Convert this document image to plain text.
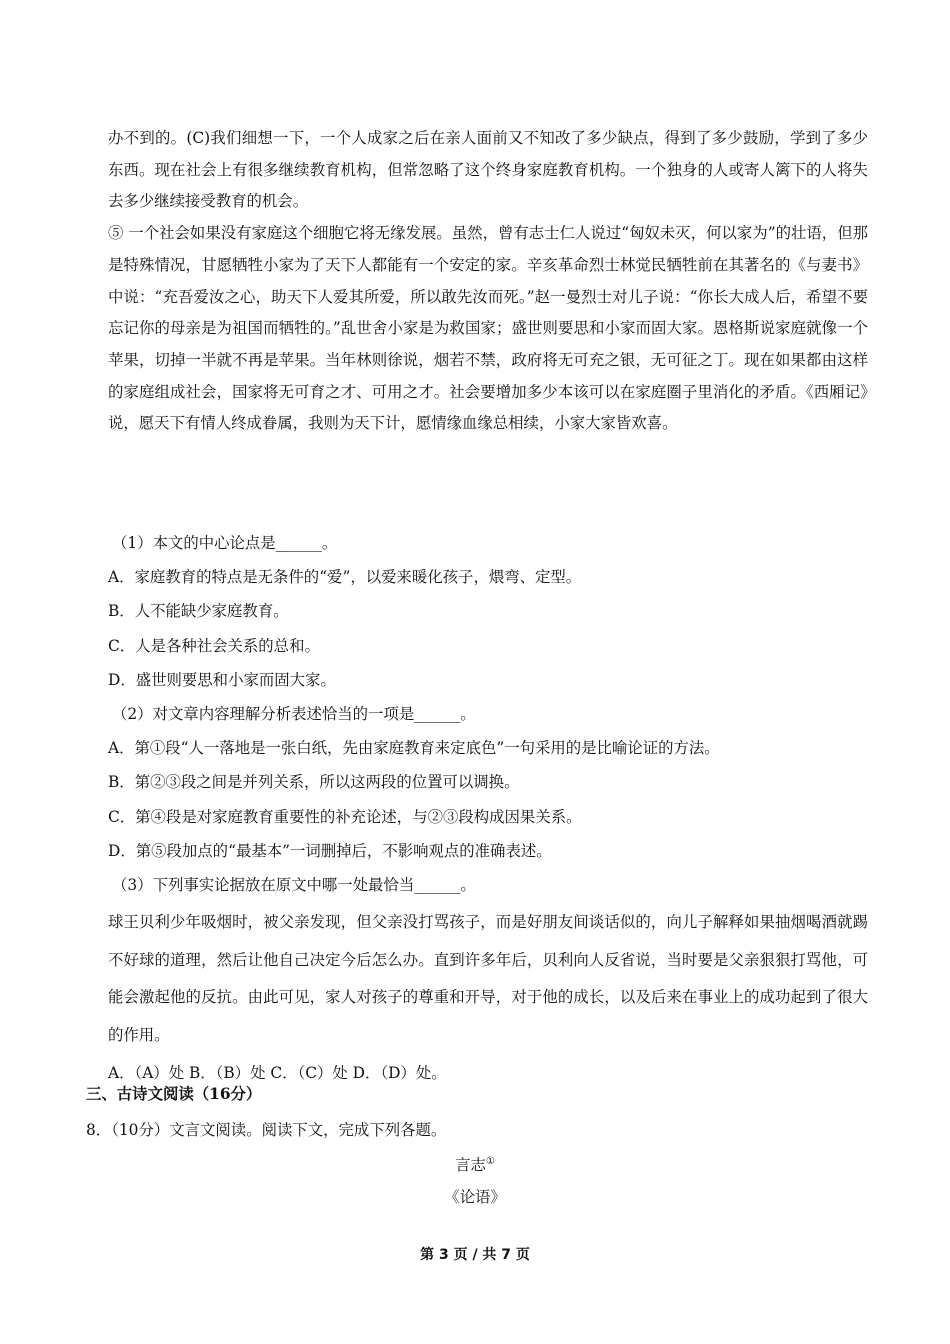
办不到的。(C)我们细想一下，一个人成家之后在亲人面前又不知改了多少缺点，得到了多少鼓励，学到了多少东西。现在社会上有很多继续教育机构，但常忽略了这个终身家庭教育机构。一个独身的人或寄人篱下的人将失去多少继续接受教育的机会。

⑤ 一个社会如果没有家庭这个细胞它将无缘发展。虽然，曾有志士仁人说过“匈奴未灭，何以家为”的壮语，但那是特殊情况，甘愿牺牲小家为了天下人都能有一个安定的家。辛亥革命烈士林觉民牺牲前在其著名的《与妻书》中说：“充吾爱汝之心，助天下人爱其所爱，所以敢先汝而死。”赵一曼烈士对儿子说：“你长大成人后，希望不要忘记你的母亲是为祖国而牺牲的。”乱世舍小家是为救国家；盛世则要思和小家而固大家。恩格斯说家庭就像一个苹果，切掉一半就不再是苹果。当年林则徐说，烟若不禁，政府将无可充之银，无可征之丁。现在如果都由这样的家庭组成社会，国家将无可育之才、可用之才。社会要增加多少本该可以在家庭圈子里消化的矛盾。《西厢记》说，愿天下有情人终成眷属，我则为天下计，愿情缘血缘总相续，小家大家皆欢喜。

（1）本文的中心论点是______。
A．家庭教育的特点是无条件的“爱”，以爱来暖化孩子，煨弯、定型。
B．人不能缺少家庭教育。
C．人是各种社会关系的总和。
D．盛世则要思和小家而固大家。
（2）对文章内容理解分析表述恰当的一项是______。
A．第①段“人一落地是一张白纸，先由家庭教育来定底色”一句采用的是比喻论证的方法。
B．第②③段之间是并列关系，所以这两段的位置可以调换。
C．第④段是对家庭教育重要性的补充论述，与②③段构成因果关系。
D．第⑤段加点的“最基本”一词删掉后，不影响观点的准确表述。
（3）下列事实论据放在原文中哪一处最恰当______。

球王贝利少年吸烟时，被父亲发现，但父亲没打骂孩子，而是好朋友间谈话似的，向儿子解释如果抽烟喝酒就踢不好球的道理，然后让他自己决定今后怎么办。直到许多年后，贝利向人反省说，当时要是父亲狠狠打骂他，可能会激起他的反抗。由此可见，家人对孩子的尊重和开导，对于他的成长，以及后来在事业上的成功起到了很大的作用。

A．（A）处 B．（B）处 C．（C）处 D．（D）处。
三、古诗文阅读（16分）
8．（10分）文言文阅读。阅读下文，完成下列各题。
言志①
《论语》
第 3 页 / 共 7 页
